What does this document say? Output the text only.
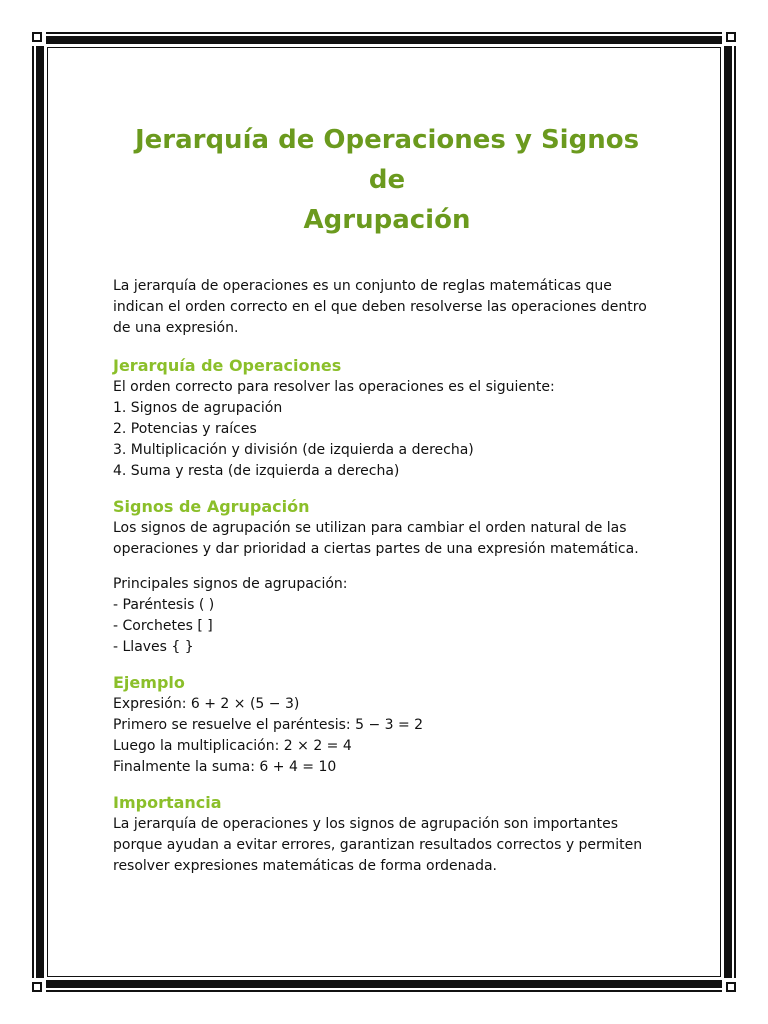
Jerarquía de Operaciones y Signos de
Agrupación

La jerarquía de operaciones es un conjunto de reglas matemáticas que indican el orden correcto en el que deben resolverse las operaciones dentro de una expresión.

Jerarquía de Operaciones
El orden correcto para resolver las operaciones es el siguiente:
1. Signos de agrupación
2. Potencias y raíces
3. Multiplicación y división (de izquierda a derecha)
4. Suma y resta (de izquierda a derecha)
Signos de Agrupación

Los signos de agrupación se utilizan para cambiar el orden natural de las operaciones y dar prioridad a ciertas partes de una expresión matemática.

Principales signos de agrupación:
- Paréntesis ( )
- Corchetes [ ]
- Llaves { }
Ejemplo
Expresión: 6 + 2 × (5 − 3)
Primero se resuelve el paréntesis: 5 − 3 = 2
Luego la multiplicación: 2 × 2 = 4
Finalmente la suma: 6 + 4 = 10
Importancia

La jerarquía de operaciones y los signos de agrupación son importantes porque ayudan a evitar errores, garantizan resultados correctos y permiten resolver expresiones matemáticas de forma ordenada.
